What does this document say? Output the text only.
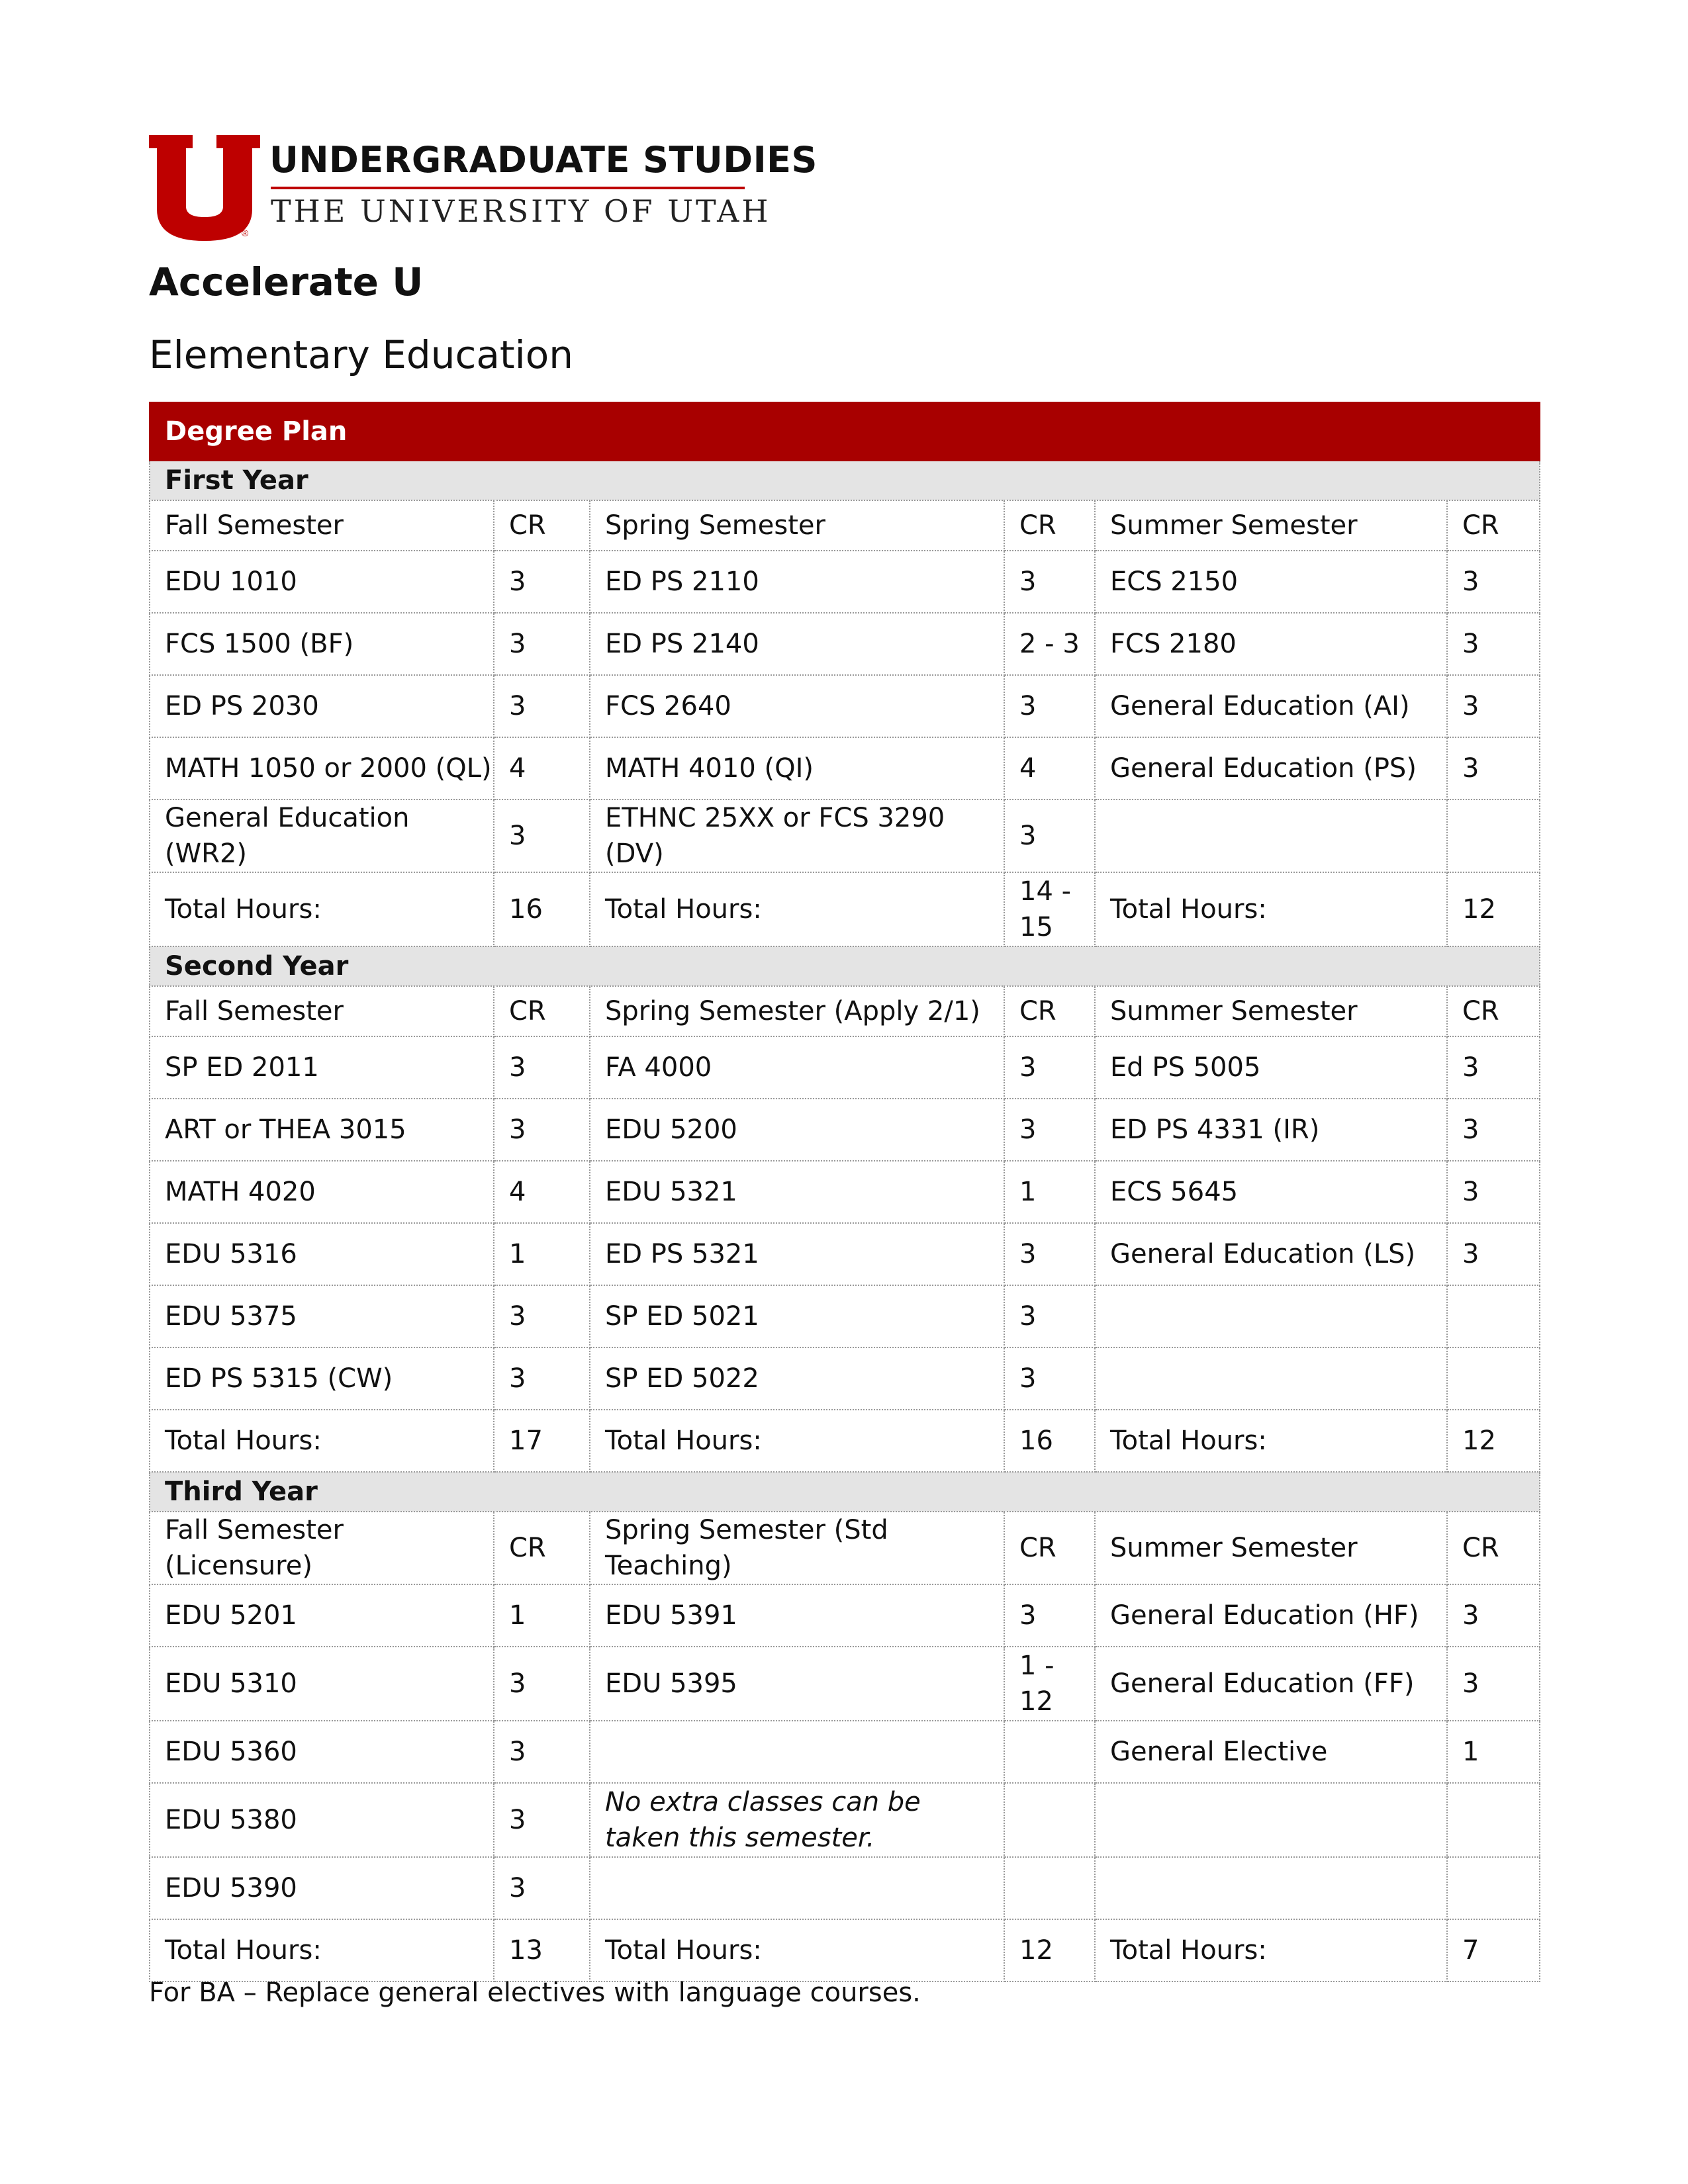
®
UNDERGRADUATE STUDIES
THE UNIVERSITY OF UTAH
Accelerate U
Elementary Education
Degree Plan					
First Year					
Fall Semester	CR	Spring Semester	CR	Summer Semester	CR
EDU 1010	3	ED PS 2110	3	ECS 2150	3
FCS 1500 (BF)	3	ED PS 2140	2 - 3	FCS 2180	3
ED PS 2030	3	FCS 2640	3	General Education (AI)	3
MATH 1050 or 2000 (QL)	4	MATH 4010 (QI)	4	General Education (PS)	3
General Education (WR2)	3	ETHNC 25XX or FCS 3290 (DV)	3		
Total Hours:	16	Total Hours:	14 - 15	Total Hours:	12
Second Year					
Fall Semester	CR	Spring Semester (Apply 2/1)	CR	Summer Semester	CR
SP ED 2011	3	FA 4000	3	Ed PS 5005	3
ART or THEA 3015	3	EDU 5200	3	ED PS 4331 (IR)	3
MATH 4020	4	EDU 5321	1	ECS 5645	3
EDU 5316	1	ED PS 5321	3	General Education (LS)	3
EDU 5375	3	SP ED 5021	3		
ED PS 5315 (CW)	3	SP ED 5022	3		
Total Hours:	17	Total Hours:	16	Total Hours:	12
Third Year					
Fall Semester (Licensure)	CR	Spring Semester (Std Teaching)	CR	Summer Semester	CR
EDU 5201	1	EDU 5391	3	General Education (HF)	3
EDU 5310	3	EDU 5395	1 - 12	General Education (FF)	3
EDU 5360	3			General Elective	1
EDU 5380	3	No extra classes can be taken this semester.			
EDU 5390	3				
Total Hours:	13	Total Hours:	12	Total Hours:	7
For BA – Replace general electives with language courses.
